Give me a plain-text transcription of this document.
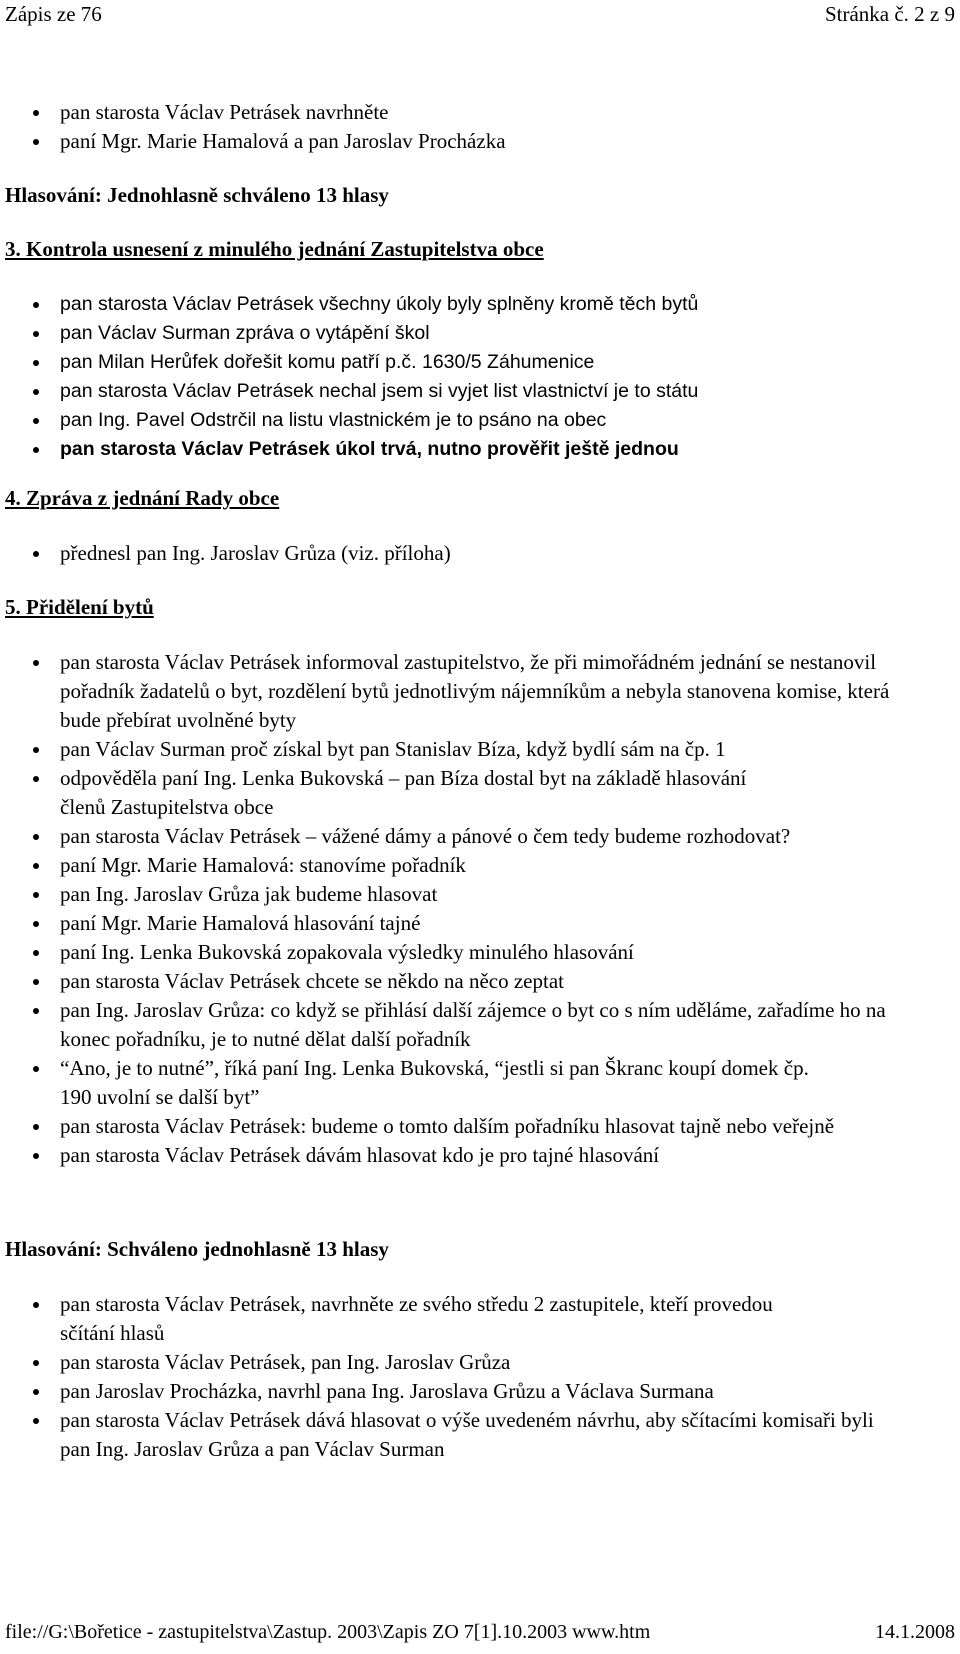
Zápis ze 76	Stránka č. 2 z 9
pan starosta Václav Petrásek navrhněte
paní Mgr. Marie Hamalová a pan Jaroslav Procházka
Hlasování: Jednohlasně schváleno 13 hlasy
3. Kontrola usnesení z minulého jednání Zastupitelstva obce
pan starosta Václav Petrásek všechny úkoly byly splněny kromě těch bytů
pan Václav Surman zpráva o vytápění škol
pan Milan Herůfek dořešit komu patří p.č. 1630/5 Záhumenice
pan starosta Václav Petrásek nechal jsem si vyjet list vlastnictví je to státu
pan Ing. Pavel Odstrčil na listu vlastnickém je to psáno na obec
pan starosta Václav Petrásek úkol trvá, nutno prověřit ještě jednou
4. Zpráva z jednání Rady obce
přednesl pan Ing. Jaroslav Grůza (viz. příloha)
5. Přidělení bytů
pan starosta Václav Petrásek informoval zastupitelstvo, že při mimořádném jednání se nestanovil pořadník žadatelů o byt, rozdělení bytů jednotlivým nájemníkům a nebyla stanovena komise, která bude přebírat uvolněné byty
pan Václav Surman proč získal byt pan Stanislav Bíza, když bydlí sám na čp. 1
odpověděla paní Ing. Lenka Bukovská – pan Bíza dostal byt na základě hlasování členů Zastupitelstva obce
pan starosta Václav Petrásek – vážené dámy a pánové o čem tedy budeme rozhodovat?
paní Mgr. Marie Hamalová: stanovíme pořadník
pan Ing. Jaroslav Grůza jak budeme hlasovat
paní Mgr. Marie Hamalová hlasování tajné
paní Ing. Lenka Bukovská zopakovala výsledky minulého hlasování
pan starosta Václav Petrásek chcete se někdo na něco zeptat
pan Ing. Jaroslav Grůza: co když se přihlásí další zájemce o byt co s ním uděláme, zařadíme ho na konec pořadníku, je to nutné dělat další pořadník
“Ano, je to nutné”, říká paní Ing. Lenka Bukovská, “jestli si pan Škranc koupí domek čp. 190 uvolní se další byt”
pan starosta Václav Petrásek: budeme o tomto dalším pořadníku hlasovat tajně nebo veřejně
pan starosta Václav Petrásek dávám hlasovat kdo je pro tajné hlasování
Hlasování: Schváleno jednohlasně 13 hlasy
pan starosta Václav Petrásek, navrhněte ze svého středu 2 zastupitele, kteří provedou sčítání hlasů
pan starosta Václav Petrásek, pan Ing. Jaroslav Grůza
pan Jaroslav Procházka, navrhl pana Ing. Jaroslava Grůzu a Václava Surmana
pan starosta Václav Petrásek dává hlasovat o výše uvedeném návrhu, aby sčítacími komisaři byli pan Ing. Jaroslav Grůza a pan Václav Surman
file://G:\Bořetice - zastupitelstva\Zastup. 2003\Zapis ZO 7[1].10.2003 www.htm	14.1.2008
